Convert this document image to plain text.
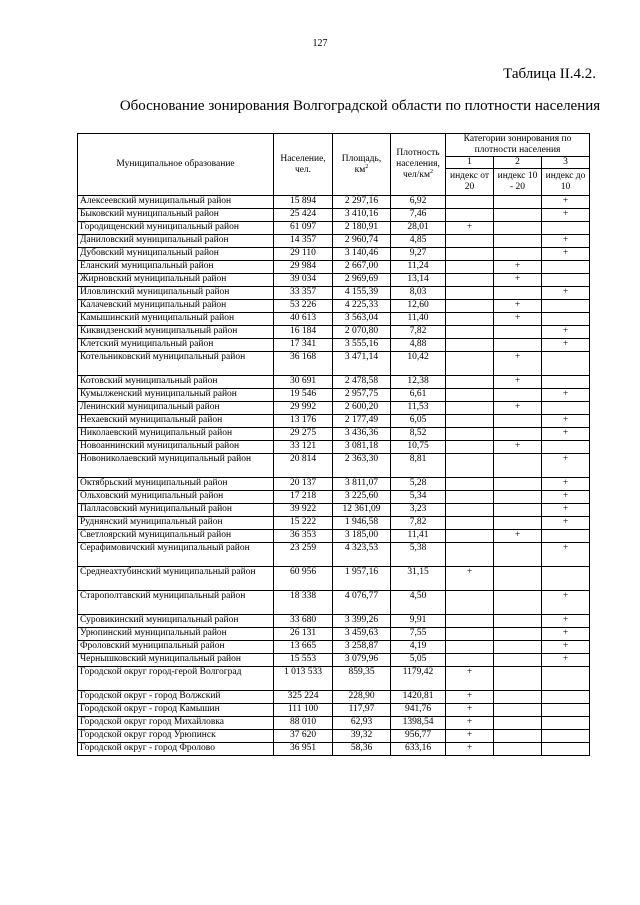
127
Таблица II.4.2.
Обоснование зонирования Волгоградской области по плотности населения
Муниципальное образование	Население, чел.	Площадь, $км^2$	Плотность населения, чел/$км^2$	Категории зонирования по плотности населения		
				1	2	3
				индекс от 20	индекс 10 - 20	индекс до 10
Алексеевский муниципальный район	15 894	2 297,16	6,92			+
Быковский муниципальный район	25 424	3 410,16	7,46			+
Городищенский муниципальный район	61 097	2 180,91	28,01	+		
Даниловский муниципальный район	14 357	2 960,74	4,85			+
Дубовский муниципальный район	29 110	3 140,46	9,27			+
Еланский муниципальный район	29 984	2 667,00	11,24		+	
Жирновский муниципальный район	39 034	2 969,69	13,14		+	
Иловлинский муниципальный район	33 357	4 155,39	8,03			+
Калачевский муниципальный район	53 226	4 225,33	12,60		+	
Камышинский муниципальный район	40 613	3 563,04	11,40		+	
Киквидзенский муниципальный район	16 184	2 070,80	7,82			+
Клетский муниципальный район	17 341	3 555,16	4,88			+
Котельниковский муниципальный район	36 168	3 471,14	10,42		+	
Котовский муниципальный район	30 691	2 478,58	12,38		+	
Кумылженский муниципальный район	19 546	2 957,75	6,61			+
Ленинский муниципальный район	29 992	2 600,20	11,53		+	
Нехаевский муниципальный район	13 176	2 177,49	6,05			+
Николаевский муниципальный район	29 275	3 436,36	8,52			+
Новоаннинский муниципальный район	33 121	3 081,18	10,75		+	
Новониколаевский муниципальный район	20 814	2 363,30	8,81			+
Октябрьский муниципальный район	20 137	3 811,07	5,28			+
Ольховский муниципальный район	17 218	3 225,60	5,34			+
Палласовский муниципальный район	39 922	12 361,09	3,23			+
Руднянский муниципальный район	15 222	1 946,58	7,82			+
Светлоярский муниципальный район	36 353	3 185,00	11,41		+	
Серафимовичский муниципальный район	23 259	4 323,53	5,38			+
Среднеахтубинский муниципальный район	60 956	1 957,16	31,15	+		
Старополтавский муниципальный район	18 338	4 076,77	4,50			+
Суровикинский муниципальный район	33 680	3 399,26	9,91			+
Урюпинский муниципальный район	26 131	3 459,63	7,55			+
Фроловский муниципальный район	13 665	3 258,87	4,19			+
Чернышковский муниципальный район	15 553	3 079,96	5,05			+
Городской округ город-герой Волгоград	1 013 533	859,35	1179,42	+		
Городской округ - город Волжский	325 224	228,90	1420,81	+		
Городской округ - город Камышин	111 100	117,97	941,76	+		
Городской округ город Михайловка	88 010	62,93	1398,54	+		
Городской округ город Урюпинск	37 620	39,32	956,77	+		
Городской округ - город Фролово	36 951	58,36	633,16	+		
